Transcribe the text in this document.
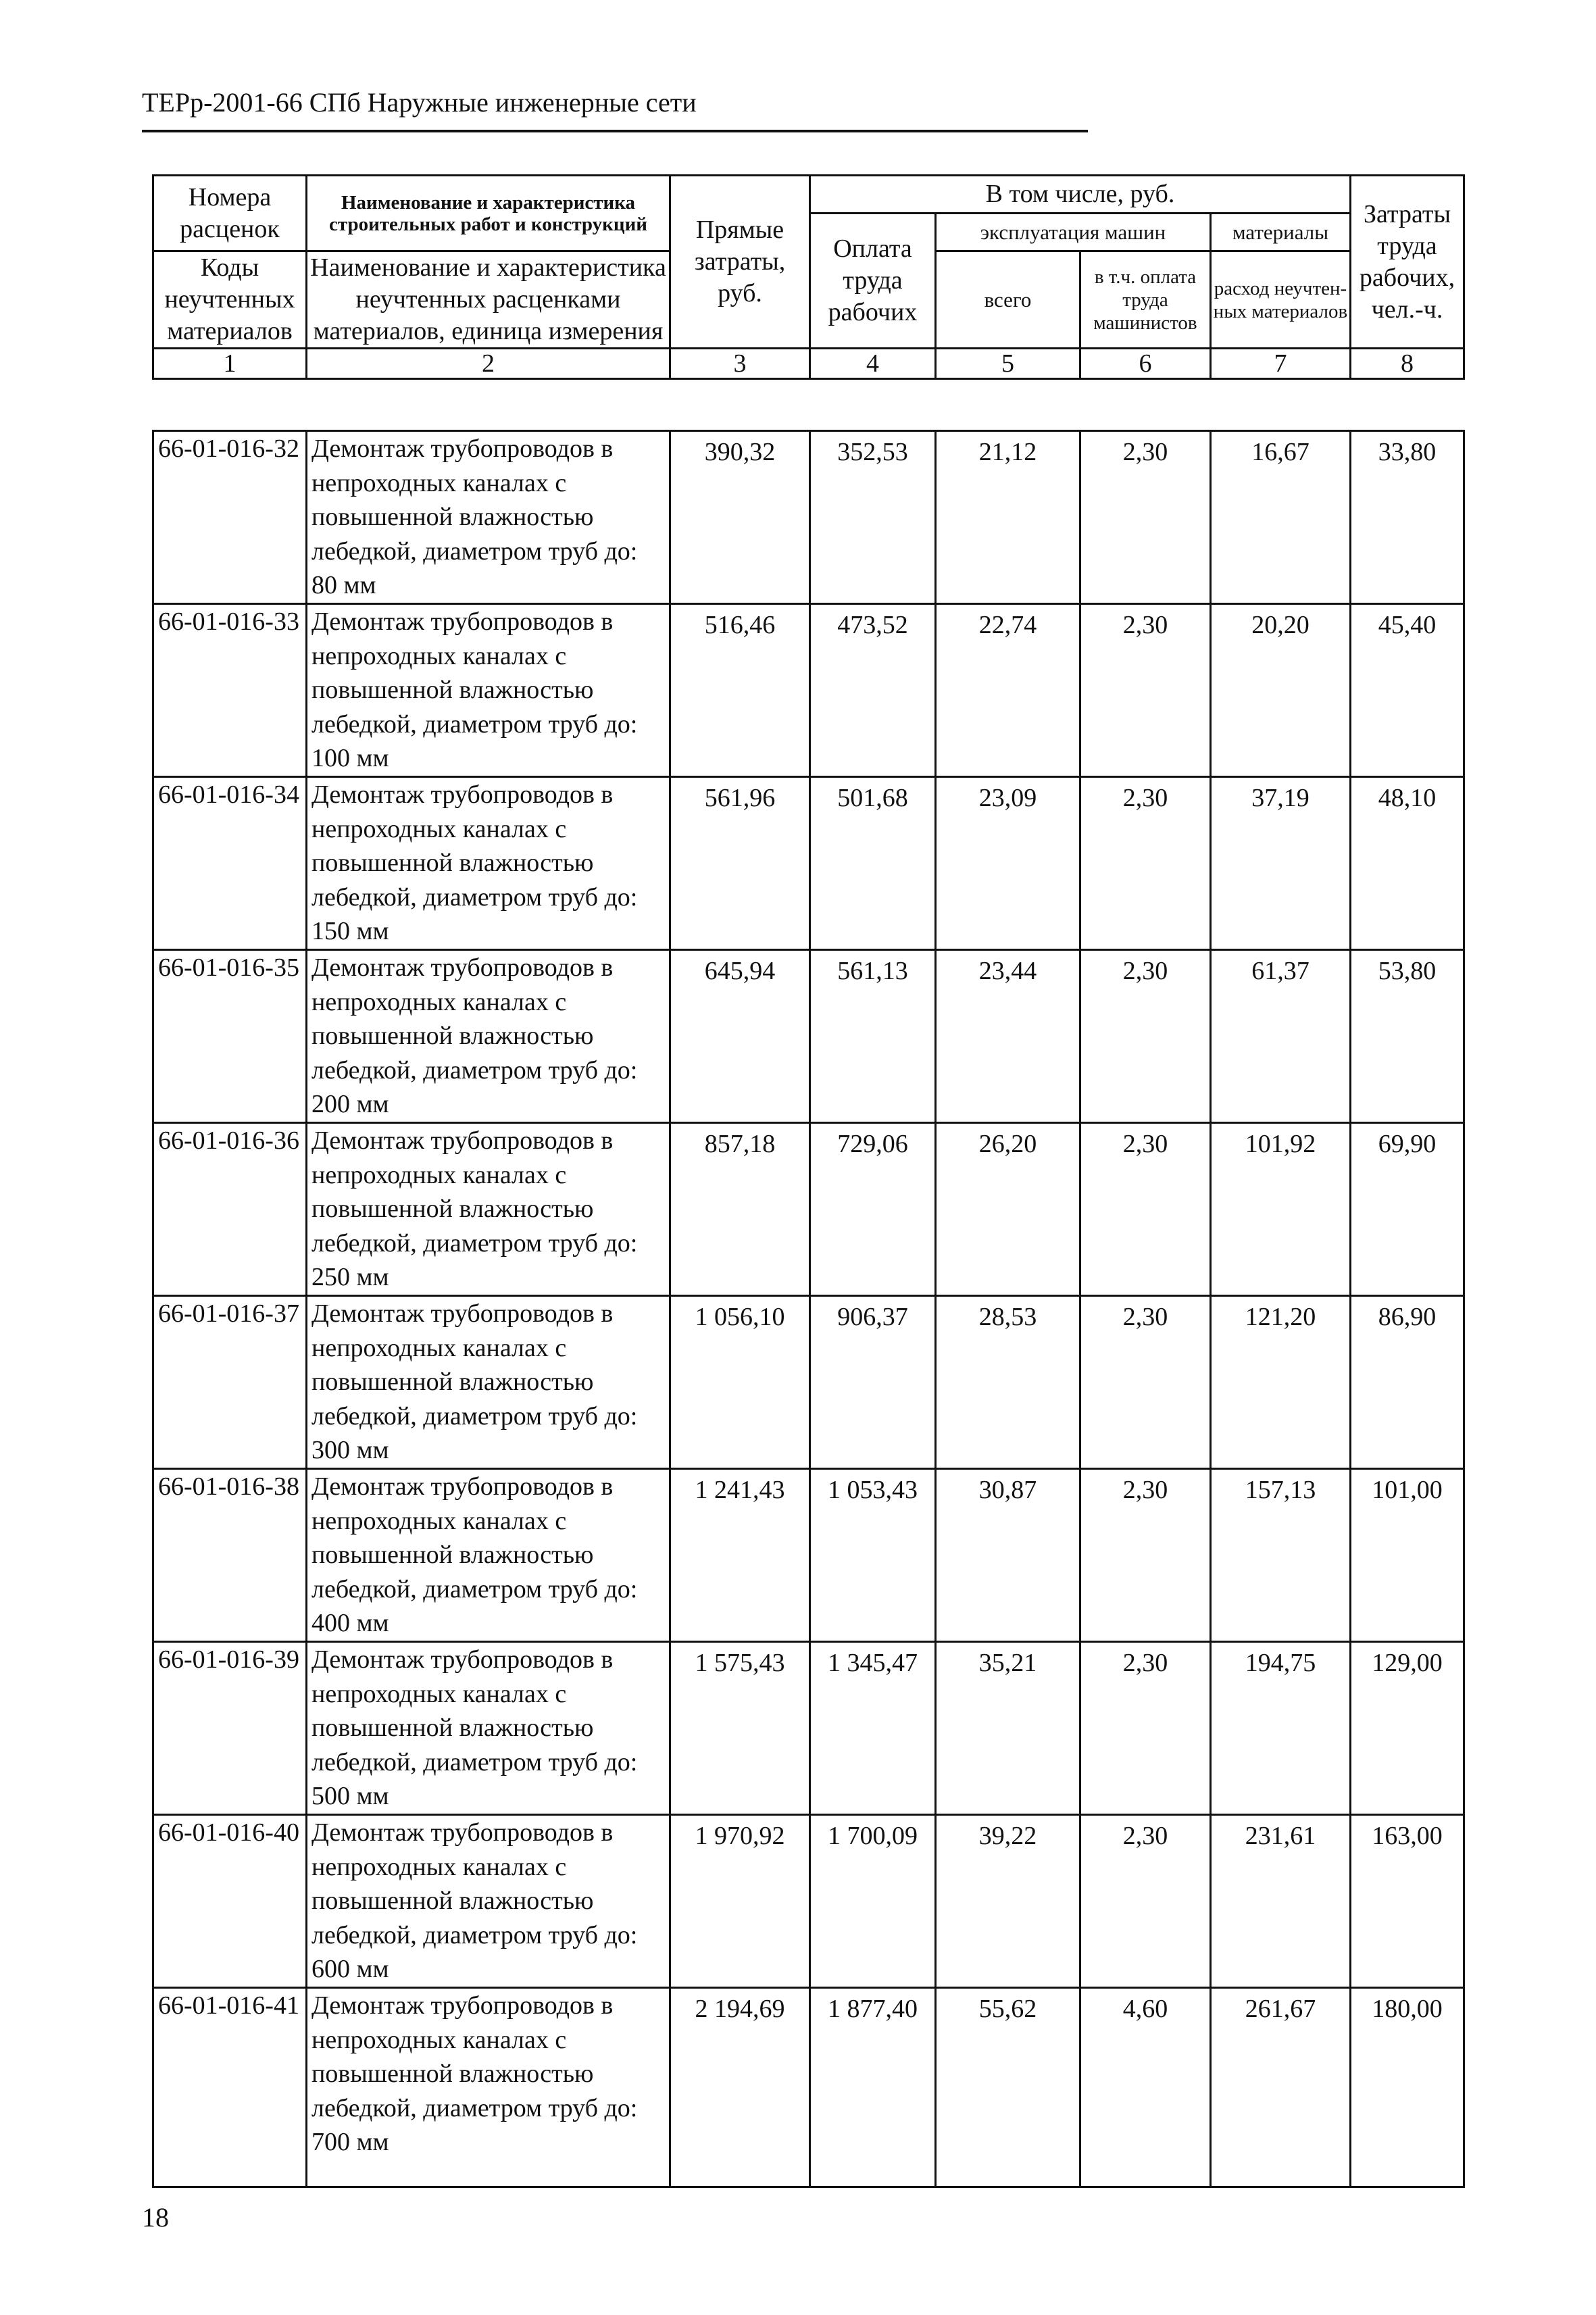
ТЕРр-2001-66 СПб Наружные инженерные сети
Номера расценок	Наименование и характеристика строительных работ и конструкций	Прямые затраты, руб.	В том числе, руб.				Затраты труда рабочих, чел.-ч.
			Оплата труда рабочих	эксплуатация машин		материалы	
Коды неучтенных материалов	Наименование и характеристика неучтенных расценками материалов, единица измерения			всего	в т.ч. оплата труда машинистов	расход неучтен-ных материалов	

1	2	3	4	5	6	7	8
66-01-016-32	Демонтаж трубопроводов в непроходных каналах с повышенной влажностью лебедкой, диаметром труб до: 80 мм	390,32	352,53	21,12	2,30	16,67	33,80
66-01-016-33	Демонтаж трубопроводов в непроходных каналах с повышенной влажностью лебедкой, диаметром труб до: 100 мм	516,46	473,52	22,74	2,30	20,20	45,40
66-01-016-34	Демонтаж трубопроводов в непроходных каналах с повышенной влажностью лебедкой, диаметром труб до: 150 мм	561,96	501,68	23,09	2,30	37,19	48,10
66-01-016-35	Демонтаж трубопроводов в непроходных каналах с повышенной влажностью лебедкой, диаметром труб до: 200 мм	645,94	561,13	23,44	2,30	61,37	53,80
66-01-016-36	Демонтаж трубопроводов в непроходных каналах с повышенной влажностью лебедкой, диаметром труб до: 250 мм	857,18	729,06	26,20	2,30	101,92	69,90
66-01-016-37	Демонтаж трубопроводов в непроходных каналах с повышенной влажностью лебедкой, диаметром труб до: 300 мм	1 056,10	906,37	28,53	2,30	121,20	86,90
66-01-016-38	Демонтаж трубопроводов в непроходных каналах с повышенной влажностью лебедкой, диаметром труб до: 400 мм	1 241,43	1 053,43	30,87	2,30	157,13	101,00
66-01-016-39	Демонтаж трубопроводов в непроходных каналах с повышенной влажностью лебедкой, диаметром труб до: 500 мм	1 575,43	1 345,47	35,21	2,30	194,75	129,00
66-01-016-40	Демонтаж трубопроводов в непроходных каналах с повышенной влажностью лебедкой, диаметром труб до: 600 мм	1 970,92	1 700,09	39,22	2,30	231,61	163,00
66-01-016-41	Демонтаж трубопроводов в непроходных каналах с повышенной влажностью лебедкой, диаметром труб до: 700 мм	2 194,69	1 877,40	55,62	4,60	261,67	180,00
18
